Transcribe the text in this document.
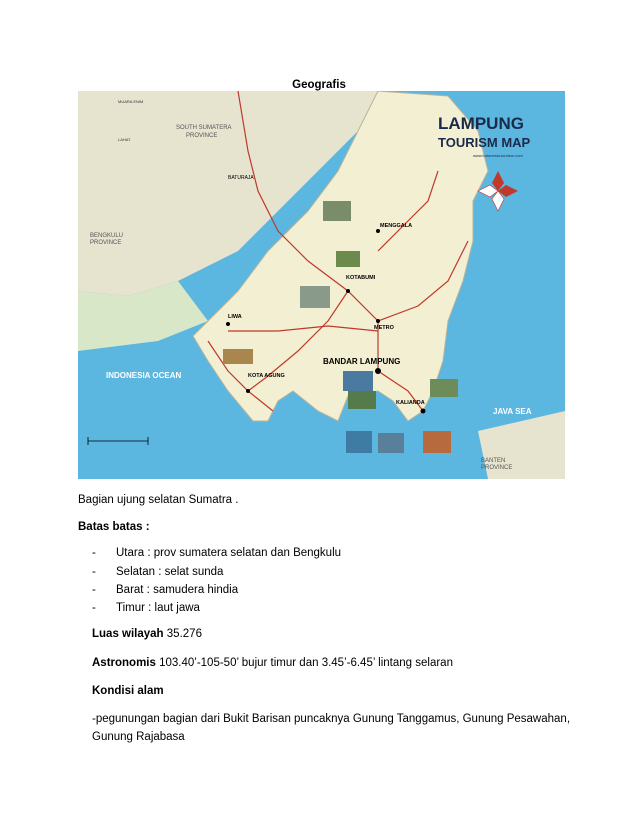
Geografis
LAMPUNG
TOURISM MAP
www.indonesia-tourism.com
SOUTH SUMATERA
PROVINCE
BENGKULU
PROVINCE
INDONESIA OCEAN
JAVA SEA
BANTEN
PROVINCE
BANDAR LAMPUNG
KOTA AGUNG
KOTABUMI
METRO
MENGGALA
LIWA
KALIANDA
BATURAJA
MUARA ENIM
LAHAT

Bagian ujung selatan Sumatra .

Batas batas :

- Utara : prov sumatera selatan dan Bengkulu
- Selatan : selat sunda
- Barat : samudera hindia
- Timur : laut jawa

Luas wilayah 35.276

Astronomis 103.40’-105-50’ bujur timur dan 3.45’-6.45’ lintang selaran

Kondisi alam

-pegunungan bagian dari Bukit Barisan puncaknya Gunung Tanggamus, Gunung Pesawahan,

Gunung Rajabasa
